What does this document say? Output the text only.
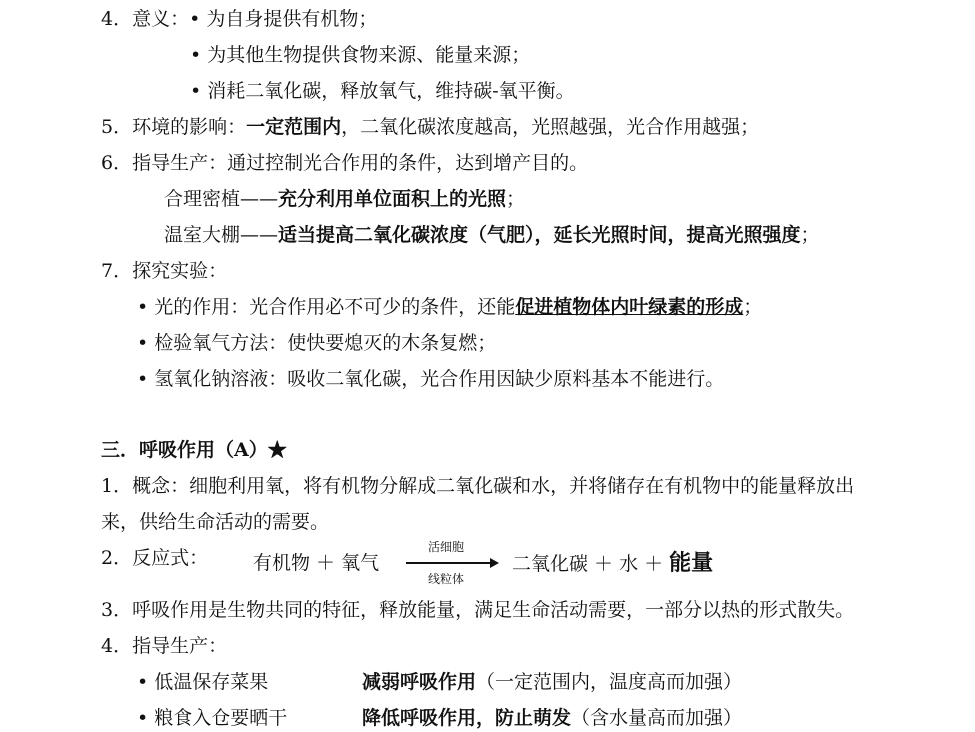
4．意义：• 为自身提供有机物；
• 为其他生物提供食物来源、能量来源；
• 消耗二氧化碳，释放氧气，维持碳-氧平衡。
5．环境的影响：一定范围内，二氧化碳浓度越高，光照越强，光合作用越强；
6．指导生产：通过控制光合作用的条件，达到增产目的。
合理密植——充分利用单位面积上的光照；
温室大棚——适当提高二氧化碳浓度（气肥），延长光照时间，提高光照强度；
7．探究实验：
• 光的作用：光合作用必不可少的条件，还能促进植物体内叶绿素的形成；
• 检验氧气方法：使快要熄灭的木条复燃；
• 氢氧化钠溶液：吸收二氧化碳，光合作用因缺少原料基本不能进行。
三．呼吸作用（A）★
1．概念：细胞利用氧，将有机物分解成二氧化碳和水，并将储存在有机物中的能量释放出
来，供给生命活动的需要。
2．反应式： 有机物 ＋ 氧气
活细胞
线粒体
二氧化碳 ＋ 水 ＋ 能量
3．呼吸作用是生物共同的特征，释放能量，满足生命活动需要，一部分以热的形式散失。
4．指导生产：
• 低温保存菜果	减弱呼吸作用（一定范围内，温度高而加强）
• 粮食入仓要晒干	降低呼吸作用，防止萌发（含水量高而加强）
